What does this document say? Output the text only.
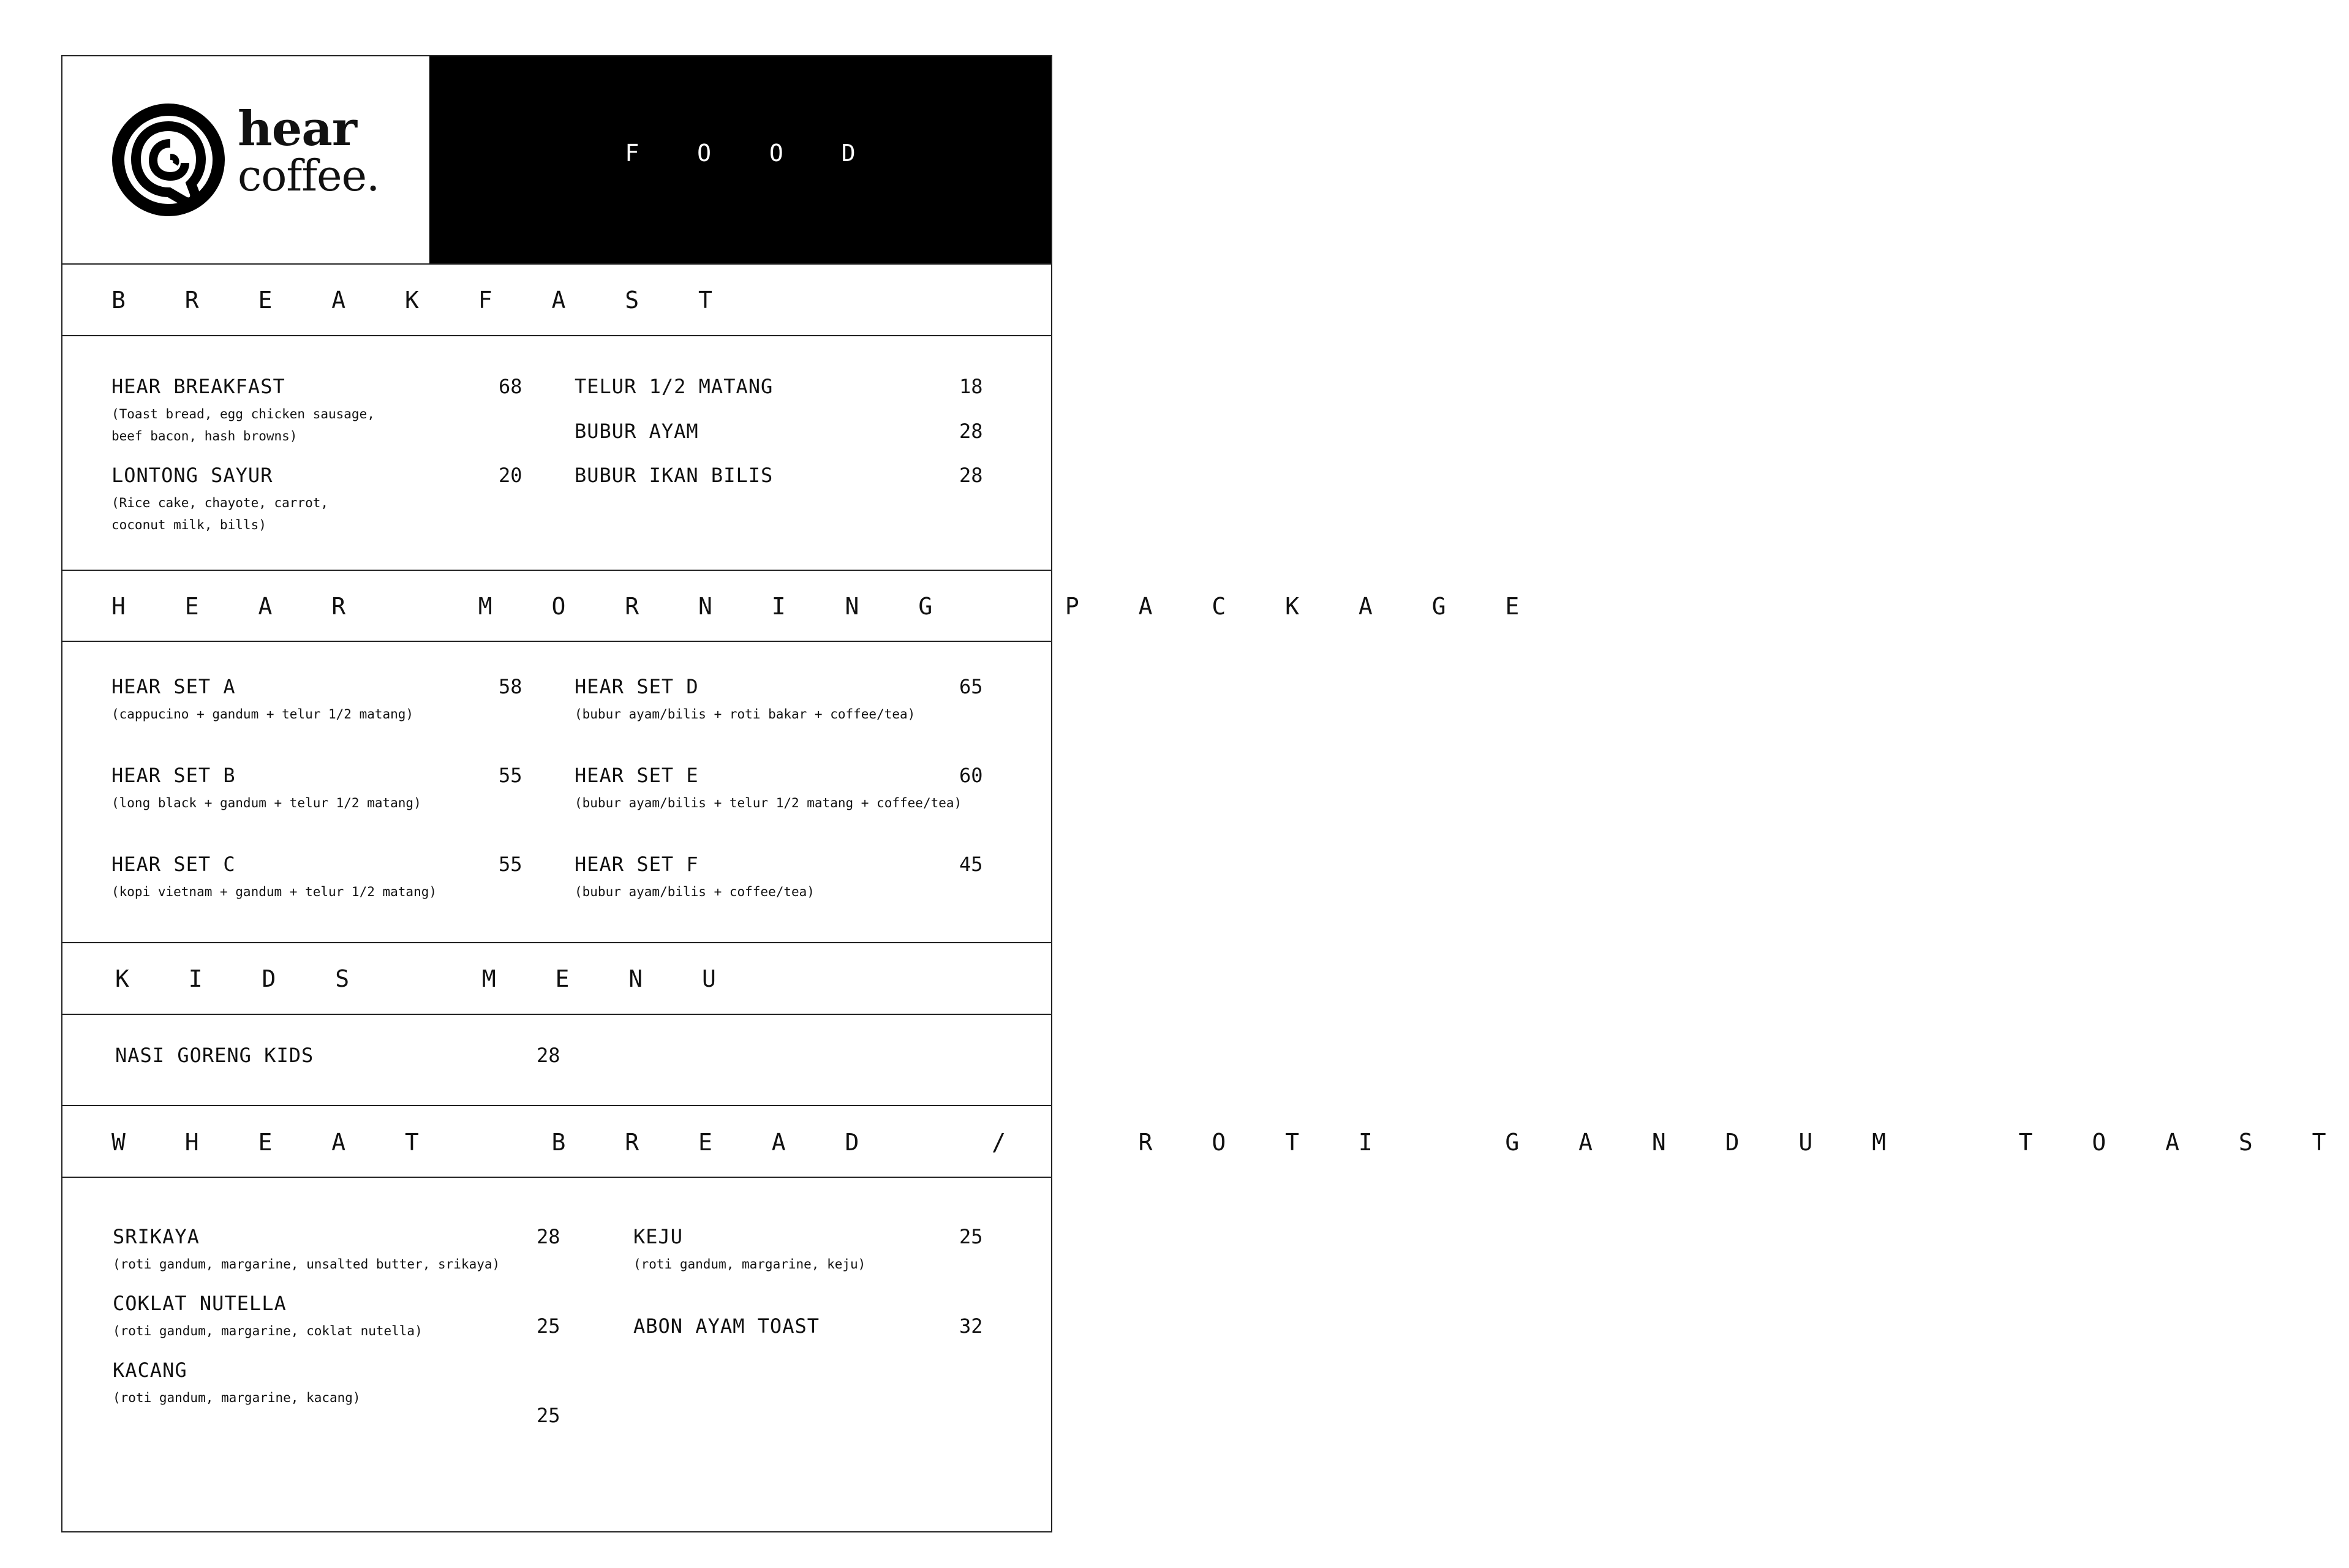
hear
coffee.	F O O D
B R E A K F A S T
HEAR BREAKFAST
(Toast bread, egg chicken sausage,
beef bacon, hash browns)
68
LONTONG SAYUR
(Rice cake, chayote, carrot,
coconut milk, bills)
20
TELUR 1/2 MATANG	18
BUBUR AYAM	28
BUBUR IKAN BILIS	28
H E A R   M O R N I N G   P A C K A G E
HEAR SET A
(cappucino + gandum + telur 1/2 matang)
58
HEAR SET B
(long black + gandum + telur 1/2 matang)
55
HEAR SET C
(kopi vietnam + gandum + telur 1/2 matang)
55
HEAR SET D
(bubur ayam/bilis + roti bakar + coffee/tea)
65
HEAR SET E
(bubur ayam/bilis + telur 1/2 matang + coffee/tea)
60
HEAR SET F
(bubur ayam/bilis + coffee/tea)
45
K I D S   M E N U
NASI GORENG KIDS	28
W H E A T   B R E A D   /   R O T I   G A N D U M   T O A S T
SRIKAYA
(roti gandum, margarine, unsalted butter, srikaya)
28
COKLAT NUTELLA
(roti gandum, margarine, coklat nutella)	25
KACANG
(roti gandum, margarine, kacang)
25
KEJU
(roti gandum, margarine, keju)
25
ABON AYAM TOAST	32
